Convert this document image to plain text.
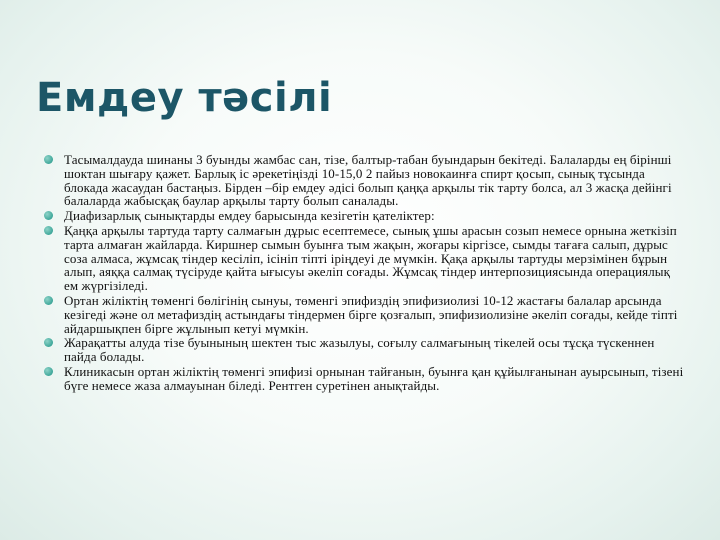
Емдеу тәсілі
Тасымалдауда шинаны 3 буынды жамбас сан, тізе, балтыр-табан буындарын бекітеді. Балаларды ең бірінші шоктан шығару қажет. Барлық іс әрекетіңізді 10-15,0 2 пайыз новокаинға спирт қосып, сынық тұсында блокада жасаудан бастаңыз. Бірден –бір емдеу әдісі болып қаңқа арқылы тік тарту болса, ал 3 жасқа дейінгі балаларда жабысқақ баулар арқылы тарту болып саналады.
Диафизарлық сынықтарды емдеу барысында кезігетін қателіктер:
Қаңқа арқылы тартуда тарту салмағын дұрыс есептемесе, сынық ұшы арасын созып немесе орнына жеткізіп тарта алмаған жайларда. Киршнер сымын буынға тым жақын, жоғары кіргізсе, сымды тағаға салып, дұрыс соза алмаса, жұмсақ тіндер кесіліп, ісініп тіпті іріңдеуі де мүмкін. Қақа арқылы тартуды мерзімінен бұрын алып, аяққа салмақ түсіруде қайта ығысуы әкеліп соғады. Жұмсақ тіндер интерпозициясында операциялық ем жүргізіледі.
Ортан жіліктің төменгі бөлігінің сынуы, төменгі эпифиздің эпифизиолизі 10-12 жастағы балалар арсында кезігеді және ол метафиздің астындағы тіндермен бірге қозғалып, эпифизиолизіне әкеліп соғады, кейде тіпті айдаршықпен бірге жұлынып кетуі мүмкін.
Жарақатты алуда тізе буынының шектен тыс жазылуы, соғылу салмағының тікелей осы тұсқа түскеннен пайда болады.
Клиникасын ортан жіліктің төменгі эпифизі орнынан тайғанын, буынға қан құйылғанынан ауырсынып, тізені бүге немесе жаза алмауынан біледі. Рентген суретінен анықтайды.
